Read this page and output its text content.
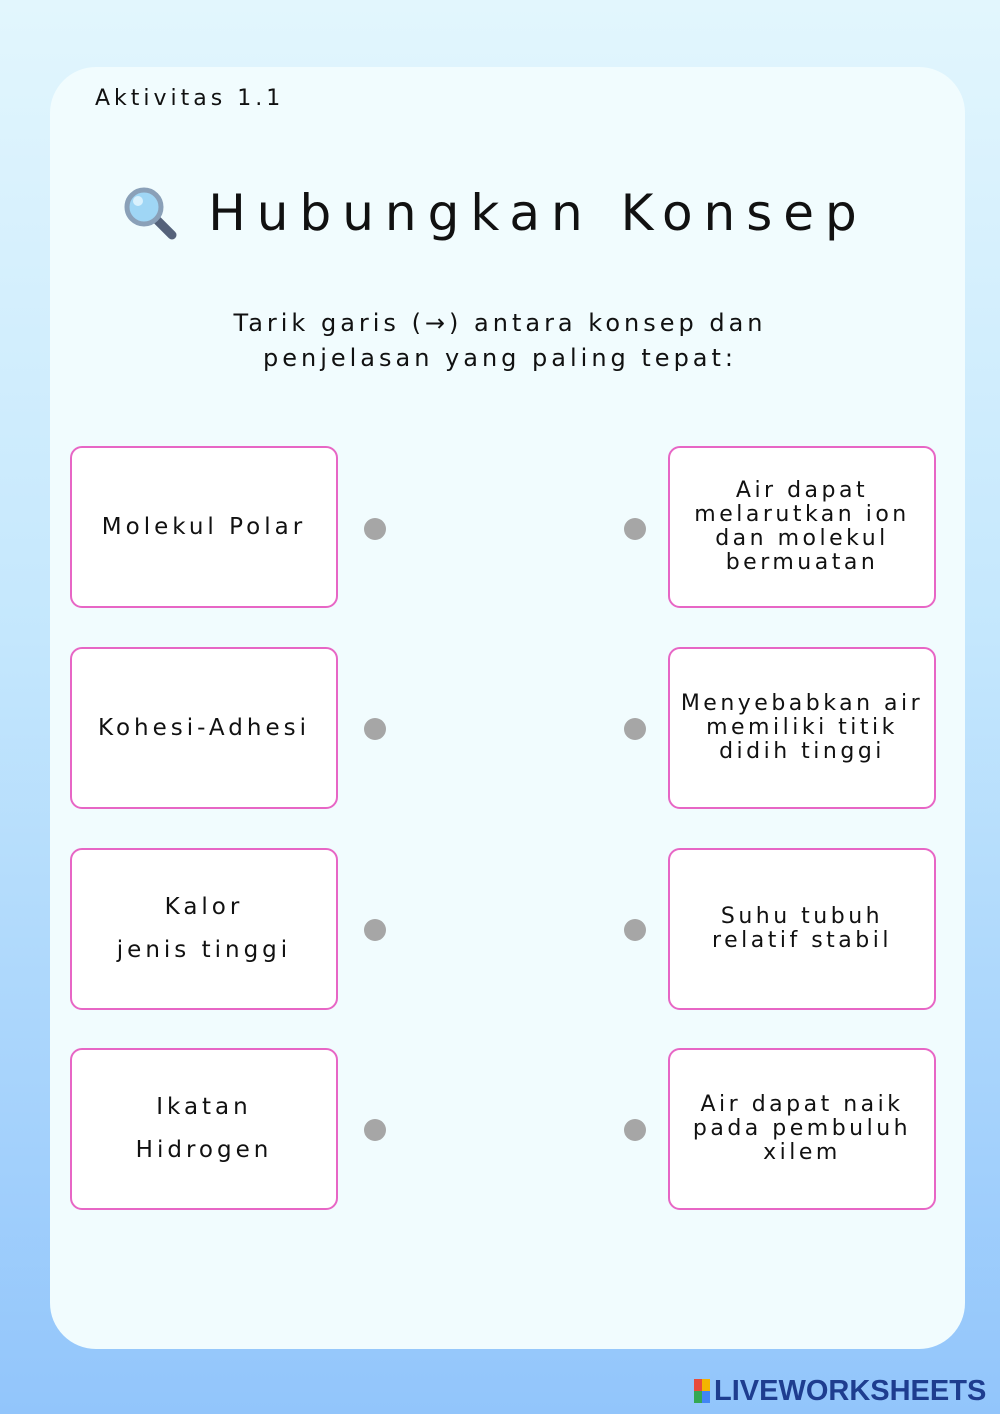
Aktivitas 1.1
Hubungkan Konsep
Tarik garis (→) antara konsep dan
penjelasan yang paling tepat:
Molekul Polar
Air dapat melarutkan ion dan molekul bermuatan
Kohesi-Adhesi
Menyebabkan air memiliki titik didih tinggi
Kalor
jenis tinggi
Suhu tubuh relatif stabil
Ikatan
Hidrogen
Air dapat naik pada pembuluh xilem
LIVEWORKSHEETS
